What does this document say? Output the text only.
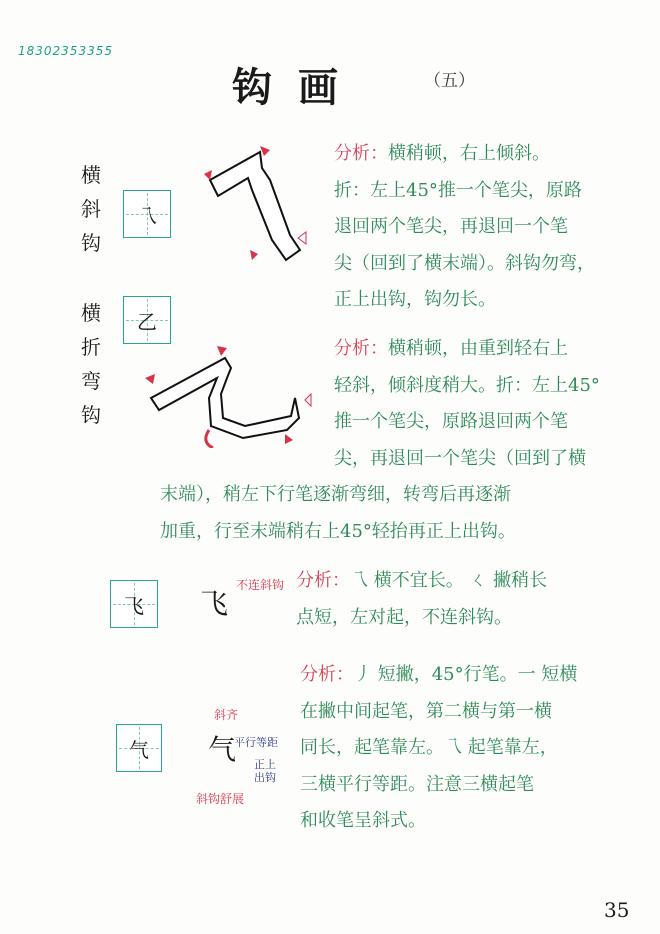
18302353355
钩画	（五）
横斜钩
乁
分析：横稍顿，右上倾斜。
折：左上45°推一个笔尖，原路
退回两个笔尖，再退回一个笔
尖（回到了横末端）。斜钩勿弯，
正上出钩，钩勿长。
横折弯钩
乙
分析：横稍顿，由重到轻右上
轻斜，倾斜度稍大。折：左上45°
推一个笔尖，原路退回两个笔
尖，再退回一个笔尖（回到了横
末端），稍左下行笔逐渐弯细，转弯后再逐渐
加重，行至末端稍右上45°轻抬再正上出钩。
飞 飞
不连斜钩 分析：乁 横不宜长。 ㄑ 撇稍长
点短，左对起，不连斜钩。
气
斜齐
气
平行等距
正上出钩
斜钩舒展
分析：丿 短撇，45°行笔。一 短横
在撇中间起笔，第二横与第一横
同长，起笔靠左。乁 起笔靠左，
三横平行等距。注意三横起笔
和收笔呈斜式。
35
